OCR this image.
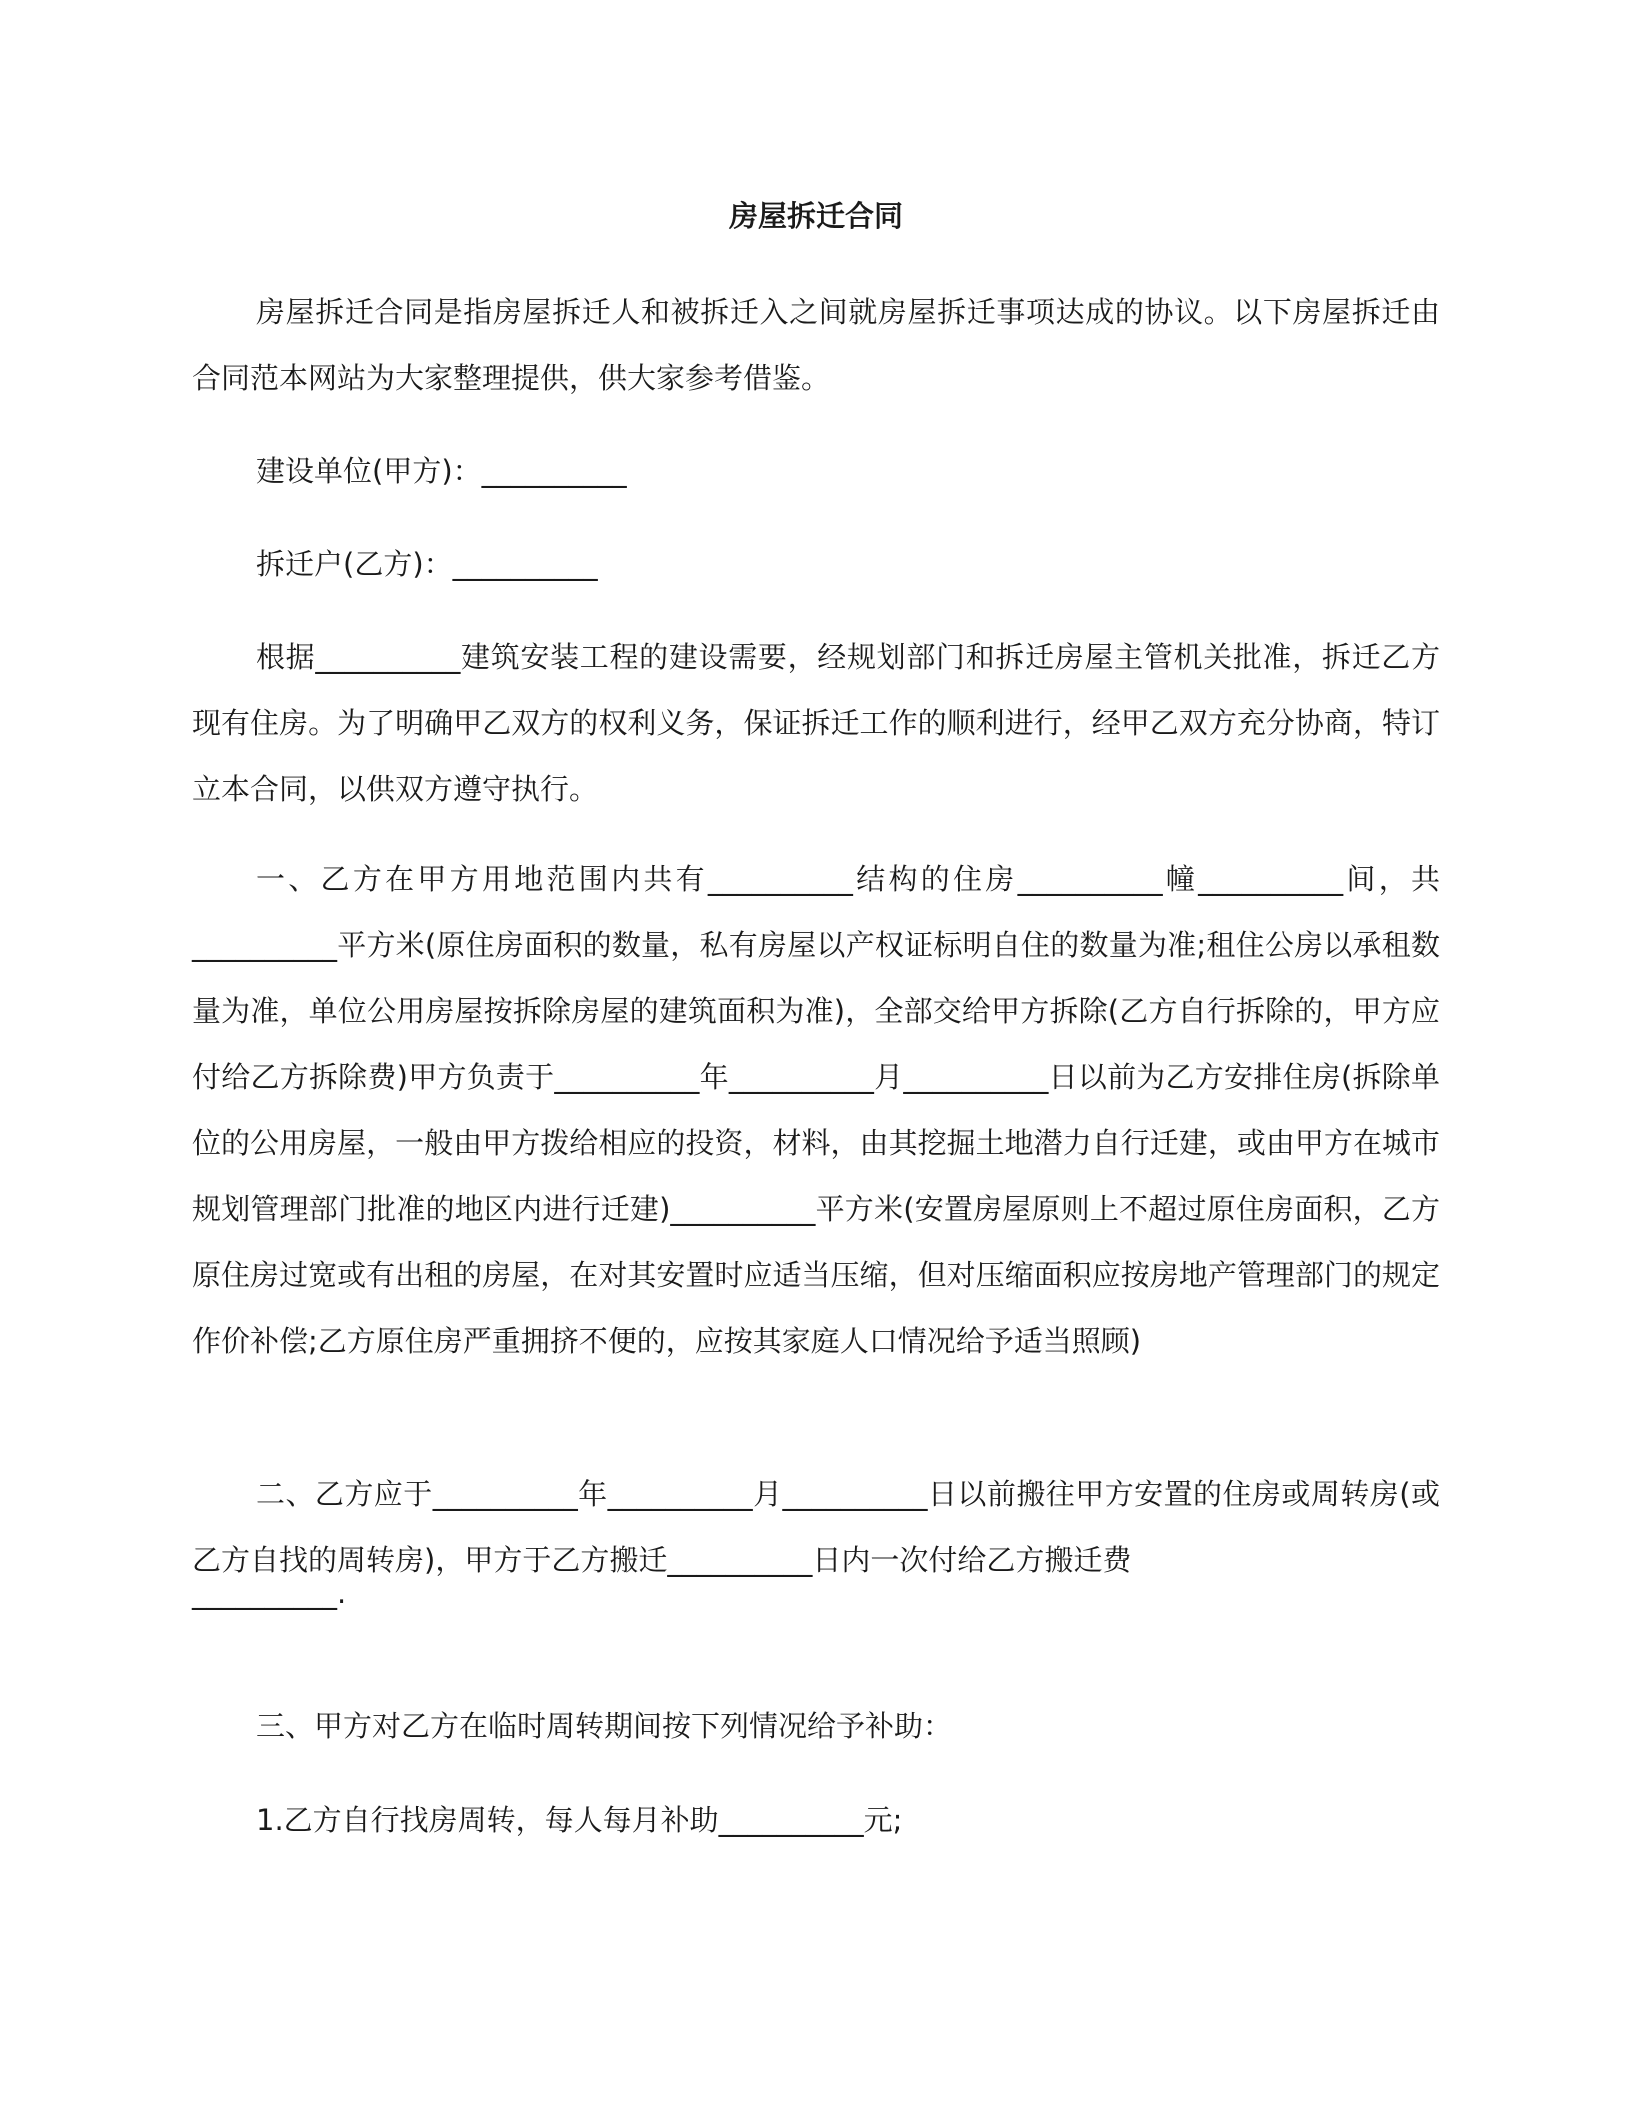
房屋拆迁合同

房屋拆迁合同是指房屋拆迁人和被拆迁入之间就房屋拆迁事项达成的协议。以下房屋拆迁由合同范本网站为大家整理提供，供大家参考借鉴。

建设单位(甲方)：__________

拆迁户(乙方)：__________

根据__________建筑安装工程的建设需要，经规划部门和拆迁房屋主管机关批准，拆迁乙方现有住房。为了明确甲乙双方的权利义务，保证拆迁工作的顺利进行，经甲乙双方充分协商，特订立本合同，以供双方遵守执行。

一、乙方在甲方用地范围内共有__________结构的住房__________幢__________间，共__________平方米(原住房面积的数量，私有房屋以产权证标明自住的数量为准;租住公房以承租数量为准，单位公用房屋按拆除房屋的建筑面积为准)，全部交给甲方拆除(乙方自行拆除的，甲方应付给乙方拆除费)甲方负责于__________年__________月__________日以前为乙方安排住房(拆除单位的公用房屋，一般由甲方拨给相应的投资，材料，由其挖掘土地潜力自行迁建，或由甲方在城市规划管理部门批准的地区内进行迁建)__________平方米(安置房屋原则上不超过原住房面积，乙方原住房过宽或有出租的房屋，在对其安置时应适当压缩，但对压缩面积应按房地产管理部门的规定作价补偿;乙方原住房严重拥挤不便的，应按其家庭人口情况给予适当照顾)

二、乙方应于__________年__________月__________日以前搬往甲方安置的住房或周转房(或乙方自找的周转房)，甲方于乙方搬迁__________日内一次付给乙方搬迁费

__________.

三、甲方对乙方在临时周转期间按下列情况给予补助：

1.乙方自行找房周转，每人每月补助__________元;
